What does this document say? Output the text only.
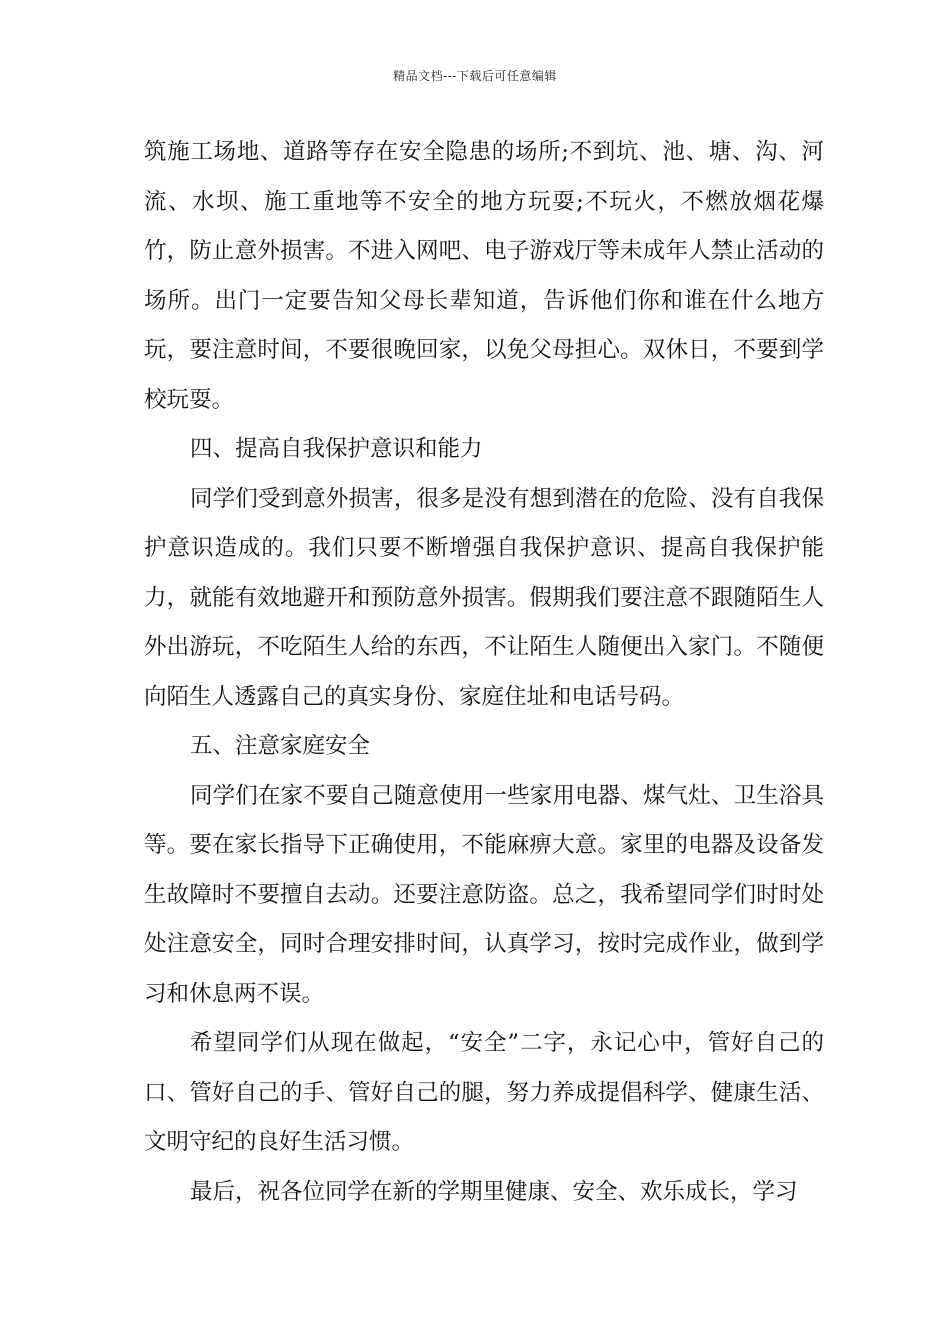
精品文档---下载后可任意编辑

筑施工场地、道路等存在安全隐患的场所;不到坑、池、塘、沟、河流、水坝、施工重地等不安全的地方玩耍;不玩火，不燃放烟花爆竹，防止意外损害。不进入网吧、电子游戏厅等未成年人禁止活动的场所。出门一定要告知父母长辈知道，告诉他们你和谁在什么地方玩，要注意时间，不要很晚回家，以免父母担心。双休日，不要到学校玩耍。

四、提高自我保护意识和能力

同学们受到意外损害，很多是没有想到潜在的危险、没有自我保护意识造成的。我们只要不断增强自我保护意识、提高自我保护能力，就能有效地避开和预防意外损害。假期我们要注意不跟随陌生人外出游玩，不吃陌生人给的东西，不让陌生人随便出入家门。不随便向陌生人透露自己的真实身份、家庭住址和电话号码。

五、注意家庭安全

同学们在家不要自己随意使用一些家用电器、煤气灶、卫生浴具等。要在家长指导下正确使用，不能麻痹大意。家里的电器及设备发生故障时不要擅自去动。还要注意防盗。总之，我希望同学们时时处处注意安全，同时合理安排时间，认真学习，按时完成作业，做到学习和休息两不误。

希望同学们从现在做起，“安全”二字，永记心中，管好自己的口、管好自己的手、管好自己的腿，努力养成提倡科学、健康生活、文明守纪的良好生活习惯。

最后，祝各位同学在新的学期里健康、安全、欢乐成长，学习
